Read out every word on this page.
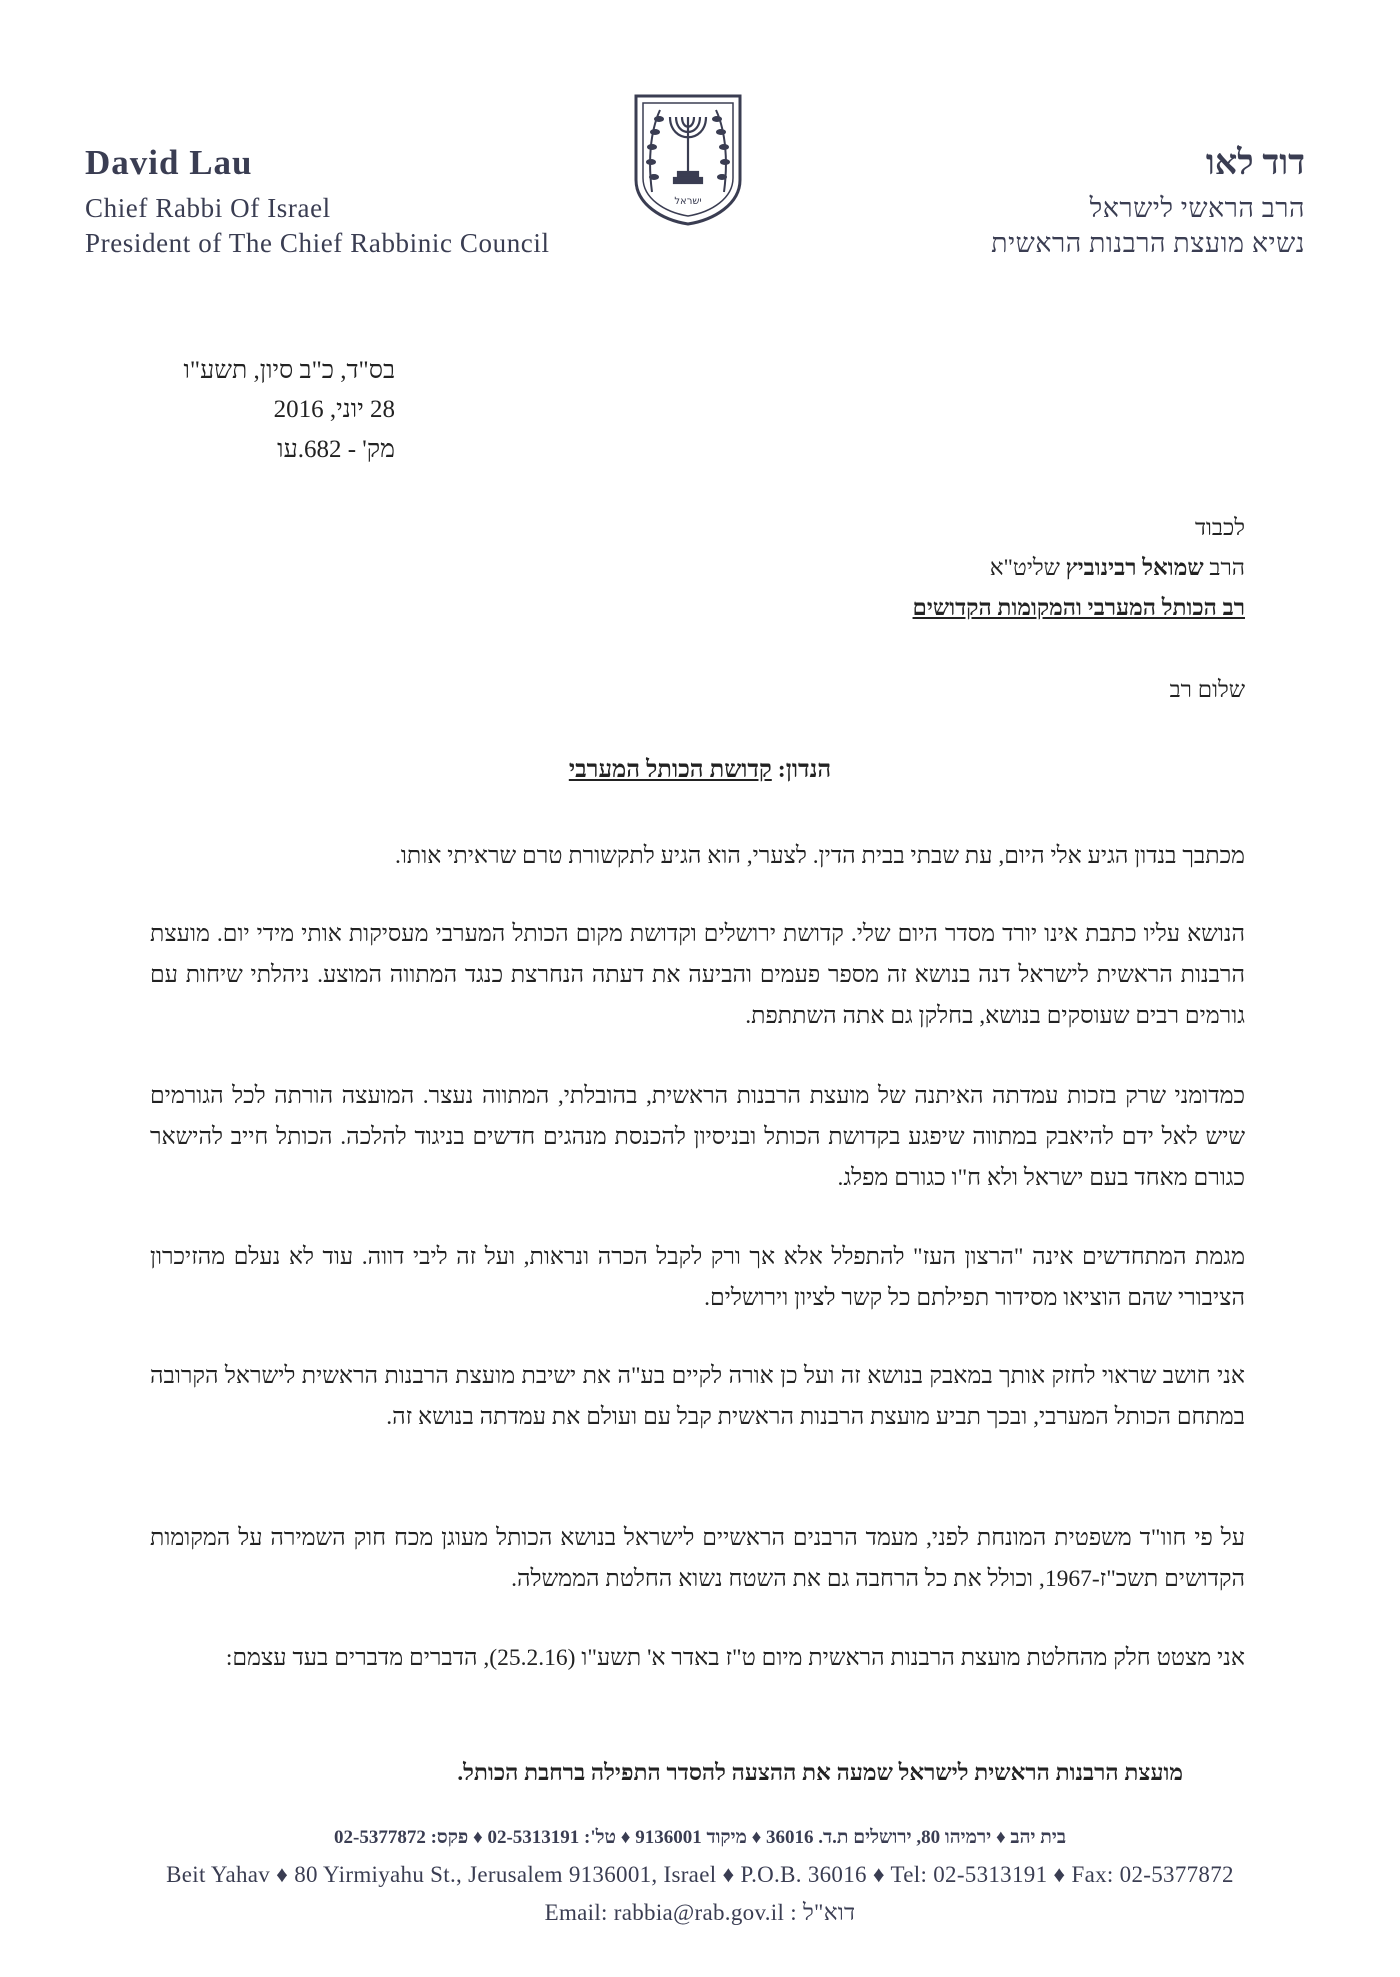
David Lau
Chief Rabbi Of Israel
President of The Chief Rabbinic Council
ישראל
דוד לאו
הרב הראשי לישראל
נשיא מועצת הרבנות הראשית
בס"ד, כ"ב סיון, תשע"ו
28 יוני, 2016
מק' - 682.עו
לכבוד
הרב שמואל רבינוביץ שליט"א
רב הכותל המערבי והמקומות הקדושים
שלום רב
הנדון: קדושת הכותל המערבי
מכתבך בנדון הגיע אלי היום, עת שבתי בבית הדין. לצערי, הוא הגיע לתקשורת טרם שראיתי אותו.
הנושא עליו כתבת אינו יורד מסדר היום שלי. קדושת ירושלים וקדושת מקום הכותל המערבי מעסיקות אותי מידי יום. מועצת הרבנות הראשית לישראל דנה בנושא זה מספר פעמים והביעה את דעתה הנחרצת כנגד המתווה המוצע. ניהלתי שיחות עם גורמים רבים שעוסקים בנושא, בחלקן גם אתה השתתפת.
כמדומני שרק בזכות עמדתה האיתנה של מועצת הרבנות הראשית, בהובלתי, המתווה נעצר. המועצה הורתה לכל הגורמים שיש לאל ידם להיאבק במתווה שיפגע בקדושת הכותל ובניסיון להכנסת מנהגים חדשים בניגוד להלכה. הכותל חייב להישאר כגורם מאחד בעם ישראל ולא ח"ו כגורם מפלג.
מגמת המתחדשים אינה "הרצון העז" להתפלל אלא אך ורק לקבל הכרה ונראות, ועל זה ליבי דווה. עוד לא נעלם מהזיכרון הציבורי שהם הוציאו מסידור תפילתם כל קשר לציון וירושלים.
אני חושב שראוי לחזק אותך במאבק בנושא זה ועל כן אורה לקיים בע"ה את ישיבת מועצת הרבנות הראשית לישראל הקרובה במתחם הכותל המערבי, ובכך תביע מועצת הרבנות הראשית קבל עם ועולם את עמדתה בנושא זה.
על פי חוו"ד משפטית המונחת לפני, מעמד הרבנים הראשיים לישראל בנושא הכותל מעוגן מכח חוק השמירה על המקומות הקדושים תשכ"ז-1967, וכולל את כל הרחבה גם את השטח נשוא החלטת הממשלה.
אני מצטט חלק מהחלטת מועצת הרבנות הראשית מיום ט"ז באדר א' תשע"ו (25.2.16), הדברים מדברים בעד עצמם:
מועצת הרבנות הראשית לישראל שמעה את ההצעה להסדר התפילה ברחבת הכותל.
בית יהב ♦ ירמיהו 80, ירושלים ת.ד. 36016 ♦ מיקוד 9136001 ♦ טל': 02-5313191 ♦ פקס: 02-5377872
Beit Yahav ♦ 80 Yirmiyahu St., Jerusalem 9136001, Israel ♦ P.O.B. 36016 ♦ Tel: 02-5313191 ♦ Fax: 02-5377872
Email: rabbia@rab.gov.il : דוא"ל
